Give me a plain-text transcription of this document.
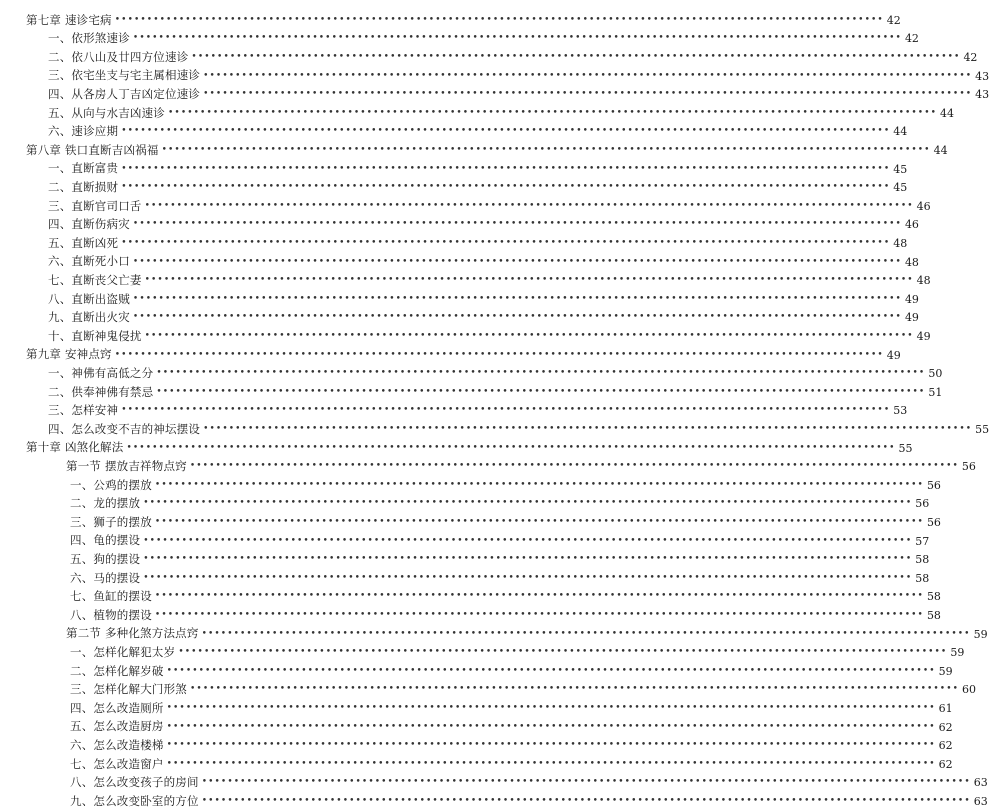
第七章 速诊宅病 •••••••••••••••••••••••••••••••••••••••••••••••••••••••••••••••••••••••••••••••••••••••••••••••••••••••••••••••••••••••• 42
一、依形煞速诊 •••••••••••••••••••••••••••••••••••••••••••••••••••••••••••••••••••••••••••••••••••••••••••••••••••••••••••••••••••••••• 42
二、依八山及廿四方位速诊 •••••••••••••••••••••••••••••••••••••••••••••••••••••••••••••••••••••••••••••••••••••••••••••••••••••••••••••••••••••••• 42
三、依宅坐支与宅主属相速诊 •••••••••••••••••••••••••••••••••••••••••••••••••••••••••••••••••••••••••••••••••••••••••••••••••••••••••••••••••••••••• 43
四、从各房人丁吉凶定位速诊 •••••••••••••••••••••••••••••••••••••••••••••••••••••••••••••••••••••••••••••••••••••••••••••••••••••••••••••••••••••••• 43
五、从向与水吉凶速诊 •••••••••••••••••••••••••••••••••••••••••••••••••••••••••••••••••••••••••••••••••••••••••••••••••••••••••••••••••••••••• 44
六、速诊应期 •••••••••••••••••••••••••••••••••••••••••••••••••••••••••••••••••••••••••••••••••••••••••••••••••••••••••••••••••••••••• 44
第八章 铁口直断吉凶祸福 •••••••••••••••••••••••••••••••••••••••••••••••••••••••••••••••••••••••••••••••••••••••••••••••••••••••••••••••••••••••• 44
一、直断富贵 •••••••••••••••••••••••••••••••••••••••••••••••••••••••••••••••••••••••••••••••••••••••••••••••••••••••••••••••••••••••• 45
二、直断损财 •••••••••••••••••••••••••••••••••••••••••••••••••••••••••••••••••••••••••••••••••••••••••••••••••••••••••••••••••••••••• 45
三、直断官司口舌 •••••••••••••••••••••••••••••••••••••••••••••••••••••••••••••••••••••••••••••••••••••••••••••••••••••••••••••••••••••••• 46
四、直断伤病灾 •••••••••••••••••••••••••••••••••••••••••••••••••••••••••••••••••••••••••••••••••••••••••••••••••••••••••••••••••••••••• 46
五、直断凶死 •••••••••••••••••••••••••••••••••••••••••••••••••••••••••••••••••••••••••••••••••••••••••••••••••••••••••••••••••••••••• 48
六、直断死小口 •••••••••••••••••••••••••••••••••••••••••••••••••••••••••••••••••••••••••••••••••••••••••••••••••••••••••••••••••••••••• 48
七、直断丧父亡妻 •••••••••••••••••••••••••••••••••••••••••••••••••••••••••••••••••••••••••••••••••••••••••••••••••••••••••••••••••••••••• 48
八、直断出盗贼 •••••••••••••••••••••••••••••••••••••••••••••••••••••••••••••••••••••••••••••••••••••••••••••••••••••••••••••••••••••••• 49
九、直断出火灾 •••••••••••••••••••••••••••••••••••••••••••••••••••••••••••••••••••••••••••••••••••••••••••••••••••••••••••••••••••••••• 49
十、直断神鬼侵扰 •••••••••••••••••••••••••••••••••••••••••••••••••••••••••••••••••••••••••••••••••••••••••••••••••••••••••••••••••••••••• 49
第九章 安神点窍 •••••••••••••••••••••••••••••••••••••••••••••••••••••••••••••••••••••••••••••••••••••••••••••••••••••••••••••••••••••••• 49
一、神佛有高低之分 •••••••••••••••••••••••••••••••••••••••••••••••••••••••••••••••••••••••••••••••••••••••••••••••••••••••••••••••••••••••• 50
二、供奉神佛有禁忌 •••••••••••••••••••••••••••••••••••••••••••••••••••••••••••••••••••••••••••••••••••••••••••••••••••••••••••••••••••••••• 51
三、怎样安神 •••••••••••••••••••••••••••••••••••••••••••••••••••••••••••••••••••••••••••••••••••••••••••••••••••••••••••••••••••••••• 53
四、怎么改变不吉的神坛摆设 •••••••••••••••••••••••••••••••••••••••••••••••••••••••••••••••••••••••••••••••••••••••••••••••••••••••••••••••••••••••• 55
第十章 凶煞化解法 •••••••••••••••••••••••••••••••••••••••••••••••••••••••••••••••••••••••••••••••••••••••••••••••••••••••••••••••••••••••• 55
第一节 摆放吉祥物点窍 •••••••••••••••••••••••••••••••••••••••••••••••••••••••••••••••••••••••••••••••••••••••••••••••••••••••••••••••••••••••• 56
一、公鸡的摆放 •••••••••••••••••••••••••••••••••••••••••••••••••••••••••••••••••••••••••••••••••••••••••••••••••••••••••••••••••••••••• 56
二、龙的摆放 •••••••••••••••••••••••••••••••••••••••••••••••••••••••••••••••••••••••••••••••••••••••••••••••••••••••••••••••••••••••• 56
三、狮子的摆放 •••••••••••••••••••••••••••••••••••••••••••••••••••••••••••••••••••••••••••••••••••••••••••••••••••••••••••••••••••••••• 56
四、龟的摆设 •••••••••••••••••••••••••••••••••••••••••••••••••••••••••••••••••••••••••••••••••••••••••••••••••••••••••••••••••••••••• 57
五、狗的摆设 •••••••••••••••••••••••••••••••••••••••••••••••••••••••••••••••••••••••••••••••••••••••••••••••••••••••••••••••••••••••• 58
六、马的摆设 •••••••••••••••••••••••••••••••••••••••••••••••••••••••••••••••••••••••••••••••••••••••••••••••••••••••••••••••••••••••• 58
七、鱼缸的摆设 •••••••••••••••••••••••••••••••••••••••••••••••••••••••••••••••••••••••••••••••••••••••••••••••••••••••••••••••••••••••• 58
八、植物的摆设 •••••••••••••••••••••••••••••••••••••••••••••••••••••••••••••••••••••••••••••••••••••••••••••••••••••••••••••••••••••••• 58
第二节 多种化煞方法点窍 •••••••••••••••••••••••••••••••••••••••••••••••••••••••••••••••••••••••••••••••••••••••••••••••••••••••••••••••••••••••• 59
一、怎样化解犯太岁 •••••••••••••••••••••••••••••••••••••••••••••••••••••••••••••••••••••••••••••••••••••••••••••••••••••••••••••••••••••••• 59
二、怎样化解岁破 •••••••••••••••••••••••••••••••••••••••••••••••••••••••••••••••••••••••••••••••••••••••••••••••••••••••••••••••••••••••• 59
三、怎样化解大门形煞 •••••••••••••••••••••••••••••••••••••••••••••••••••••••••••••••••••••••••••••••••••••••••••••••••••••••••••••••••••••••• 60
四、怎么改造厕所 •••••••••••••••••••••••••••••••••••••••••••••••••••••••••••••••••••••••••••••••••••••••••••••••••••••••••••••••••••••••• 61
五、怎么改造厨房 •••••••••••••••••••••••••••••••••••••••••••••••••••••••••••••••••••••••••••••••••••••••••••••••••••••••••••••••••••••••• 62
六、怎么改造楼梯 •••••••••••••••••••••••••••••••••••••••••••••••••••••••••••••••••••••••••••••••••••••••••••••••••••••••••••••••••••••••• 62
七、怎么改造窗户 •••••••••••••••••••••••••••••••••••••••••••••••••••••••••••••••••••••••••••••••••••••••••••••••••••••••••••••••••••••••• 62
八、怎么改变孩子的房间 •••••••••••••••••••••••••••••••••••••••••••••••••••••••••••••••••••••••••••••••••••••••••••••••••••••••••••••••••••••••• 63
九、怎么改变卧室的方位 •••••••••••••••••••••••••••••••••••••••••••••••••••••••••••••••••••••••••••••••••••••••••••••••••••••••••••••••••••••••• 63
